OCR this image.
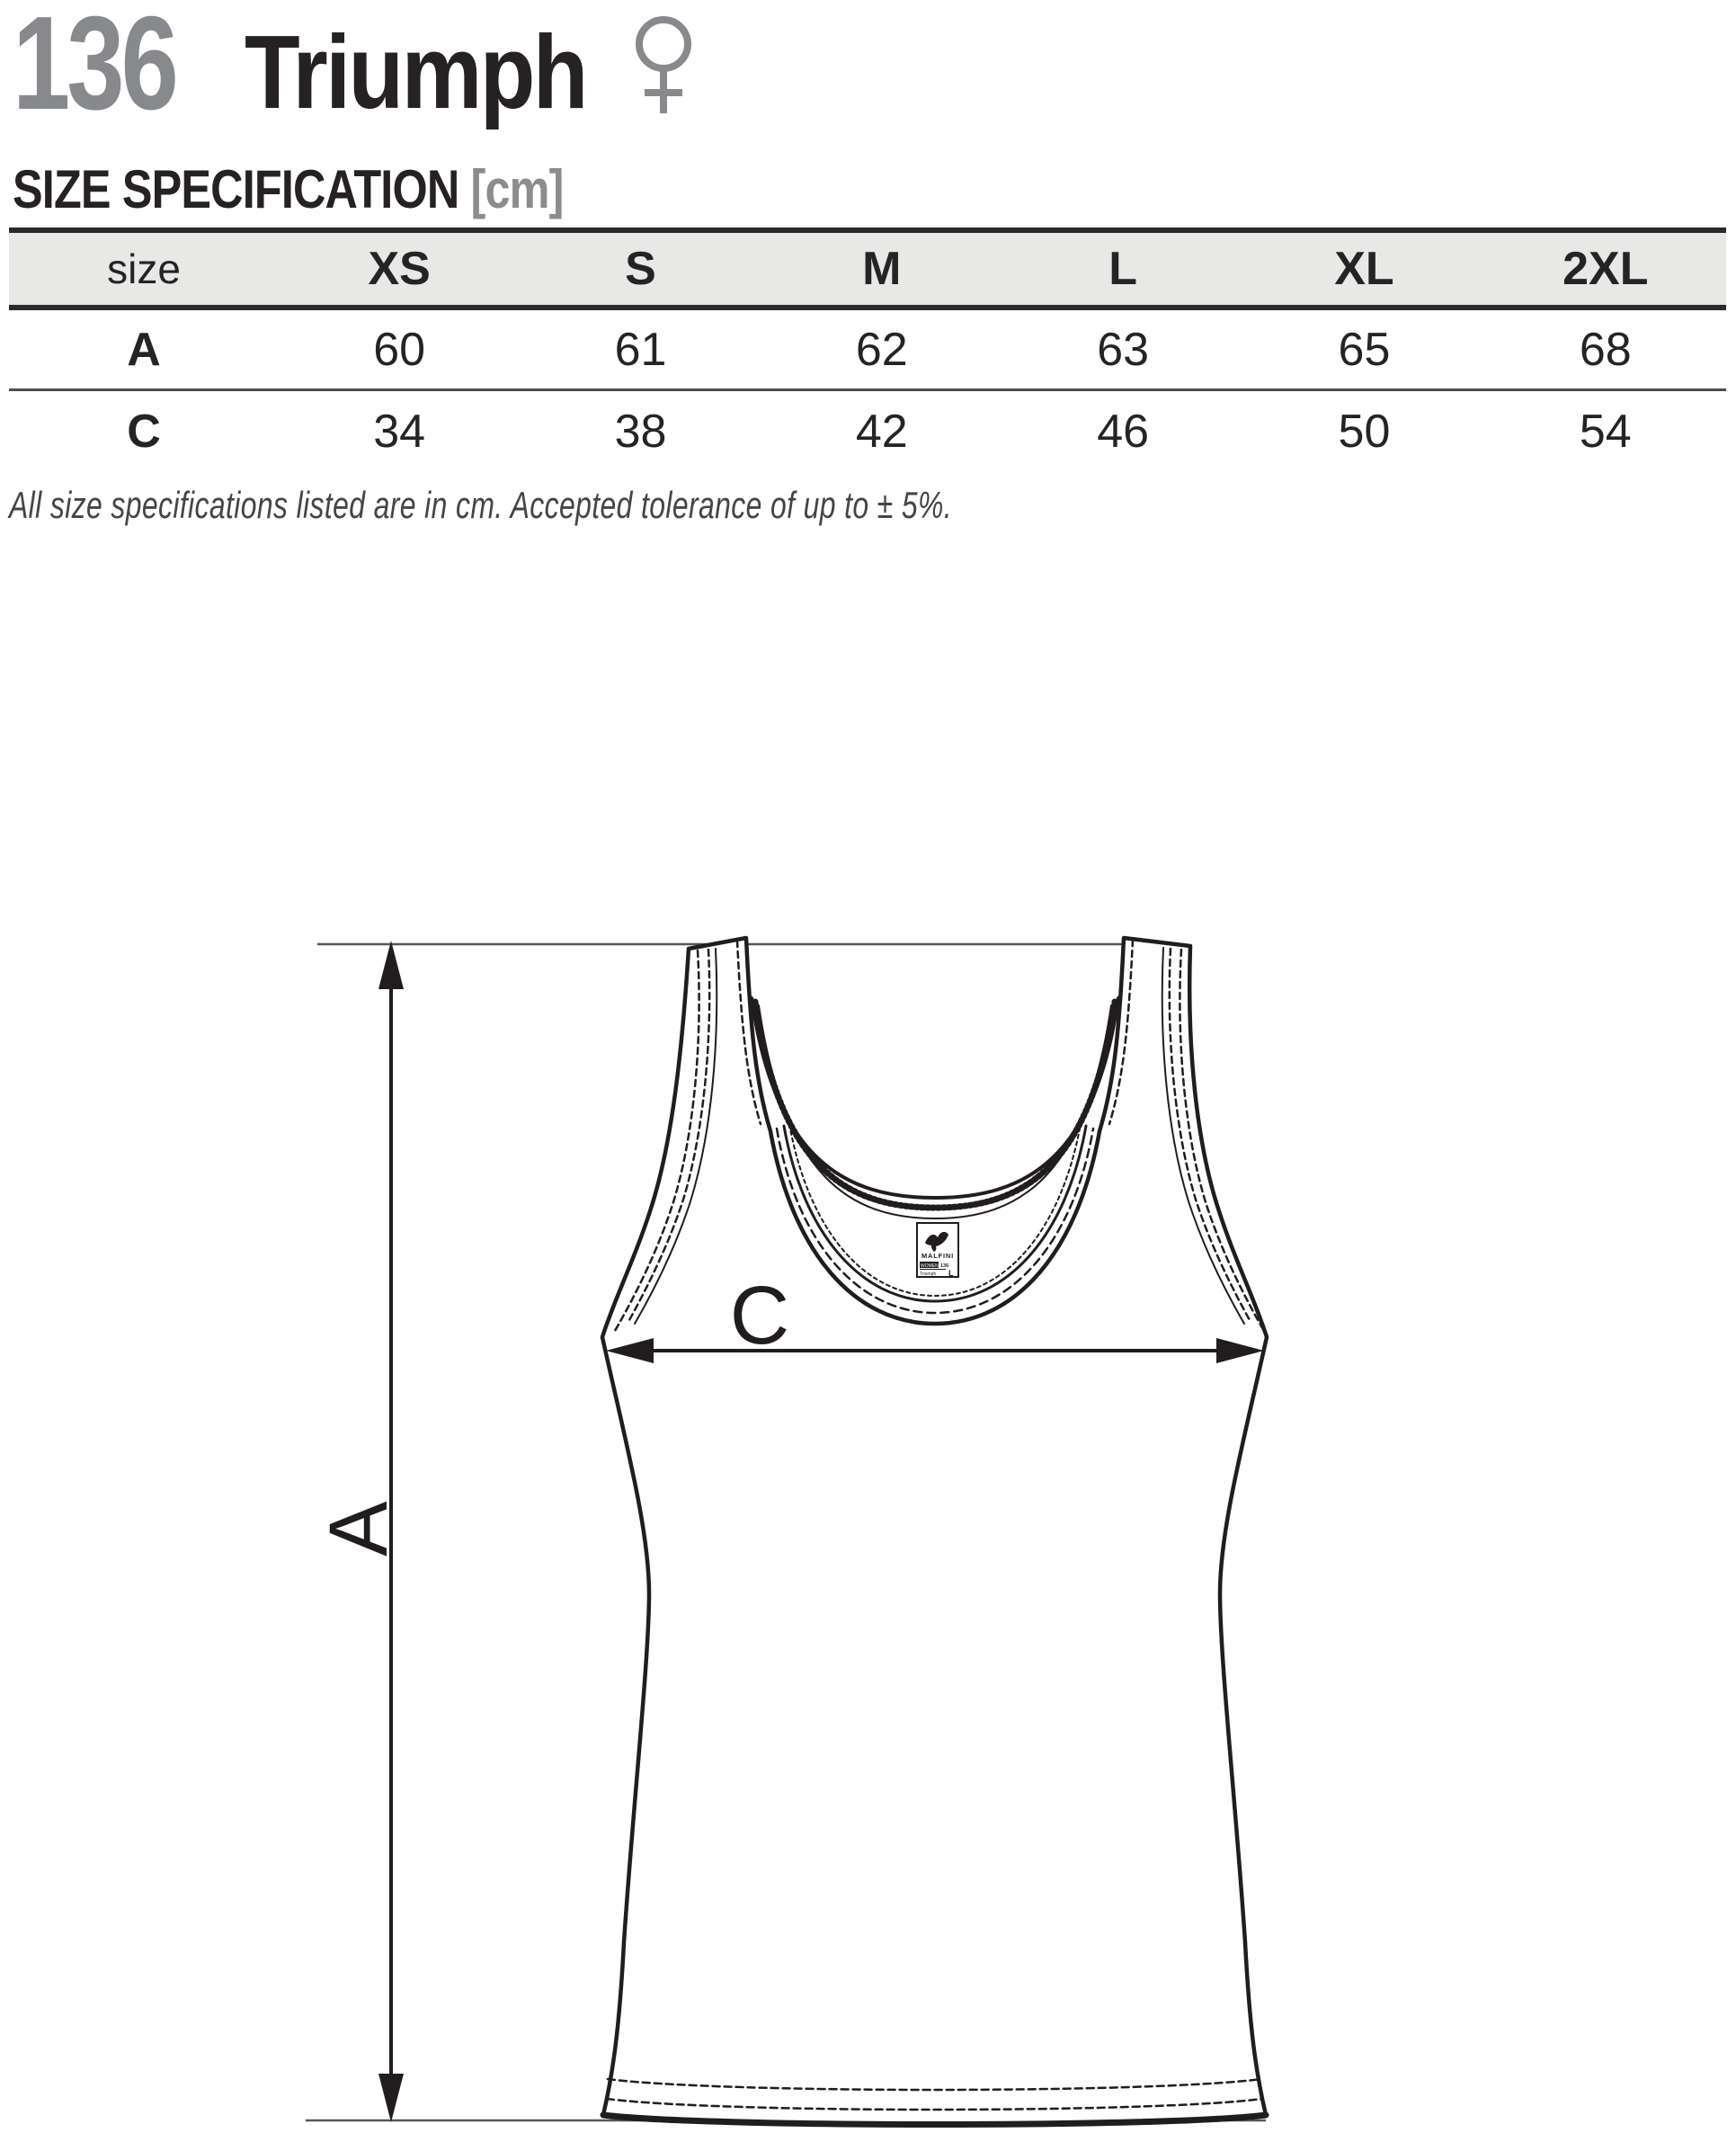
136 Triumph
SIZE SPECIFICATION [cm]
size	XS	S	M	L	XL	2XL
A	60	61	62	63	65	68
C	34	38	42	46	50	54
All size specifications listed are in cm. Accepted tolerance of up to ± 5%.
MALFINI
WOMEN 136
Triumph L
A
C
